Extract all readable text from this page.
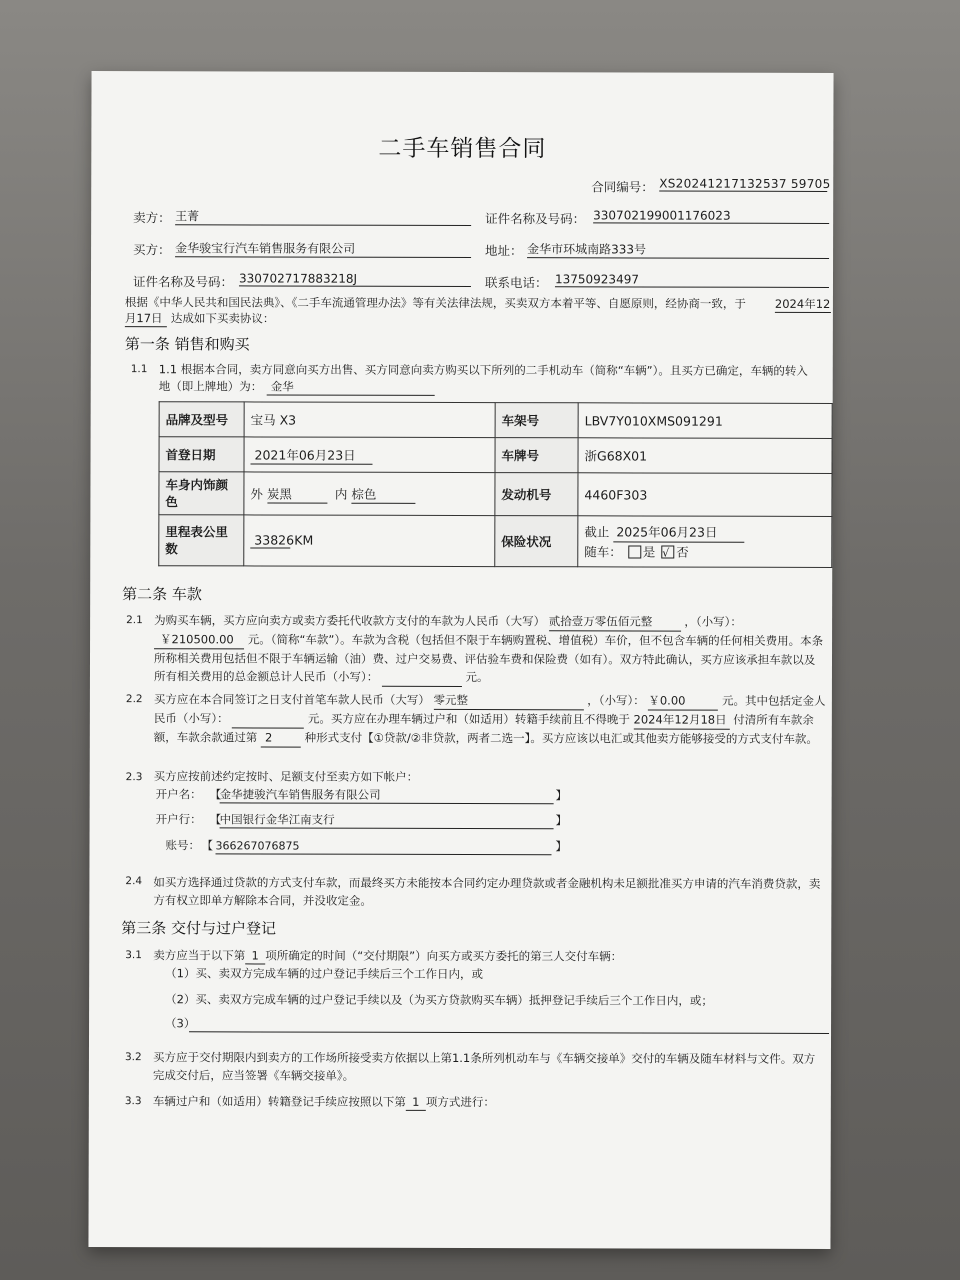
二手车销售合同
合同编号： XS20241217132537 59705
卖方： 王菁	证件名称及号码： 330702199001176023
买方： 金华骏宝行汽车销售服务有限公司	地址： 金华市环城南路333号
证件名称及号码： 330702717883218J	联系电话： 13750923497
根据《中华人民共和国民法典》、《二手车流通管理办法》等有关法律法规，买卖双方本着平等、自愿原则，经协商一致，于	2024年12
月17日 达成如下买卖协议：
第一条 销售和购买
1.1 1.1 根据本合同，卖方同意向买方出售、买方同意向卖方购买以下所列的二手机动车（简称“车辆”）。且买方已确定，车辆的转入
地（即上牌地）为： 金华
品牌及型号	宝马 X3	车架号	LBV7Y010XMS091291
首登日期	2021年06月23日	车牌号	浙G68X01
车身内饰颜色	外 炭黑 内 棕色	发动机号	4460F303
里程表公里数	33826 KM	保险状况	截止 2025年06月23日
随车： 是 √ 否
第二条 车款
2.1 为购买车辆，买方应向卖方或卖方委托代收款方支付的车款为人民币（大写） 贰拾壹万零伍佰元整	，（小写）： ￥210500.00 元。（简称“车款”）。车款为含税（包括但不限于车辆购置税、增值税）车价，但不包含车辆的任何相关费用。本条所称相关费用包括但不限于车辆运输（油）费、过户交易费、评估验车费和保险费（如有）。双方特此确认，买方应该承担车款以及所有相关费用的总金额总计人民币（小写）：	元。
2.2 买方应在本合同签订之日支付首笔车款人民币（大写） 零元整	，（小写）： ￥0.00	元。其中包括定金人民币（小写）：	元。买方应在办理车辆过户和（如适用）转籍手续前且不得晚于 2024年12月18日 付清所有车款余额，车款余款通过第 2	种形式支付【①贷款/②非贷款，两者二选一】。买方应该以电汇或其他卖方能够接受的方式支付车款。
2.3 买方应按前述约定按时、足额支付至卖方如下帐户：
开户名： 【
金华捷骏汽车销售服务有限公司	】
开户行： 【
中国银行金华江南支行	】
账号： 【 366267076875	】
2.4 如买方选择通过贷款的方式支付车款，而最终买方未能按本合同约定办理贷款或者金融机构未足额批准买方申请的汽车消费贷款，卖方有权立即单方解除本合同，并没收定金。
第三条 交付与过户登记
3.1 卖方应当于以下第 1 项所确定的时间（“交付期限”）向买方或买方委托的第三人交付车辆：
（1）买、卖双方完成车辆的过户登记手续后三个工作日内，或
（2）买、卖双方完成车辆的过户登记手续以及（为买方贷款购买车辆）抵押登记手续后三个工作日内，或；
（3）
3.2 买方应于交付期限内到卖方的工作场所接受卖方依据以上第1.1条所列机动车与《车辆交接单》交付的车辆及随车材料与文件。双方完成交付后，应当签署《车辆交接单》。
3.3 车辆过户和（如适用）转籍登记手续应按照以下第 1 项方式进行：
